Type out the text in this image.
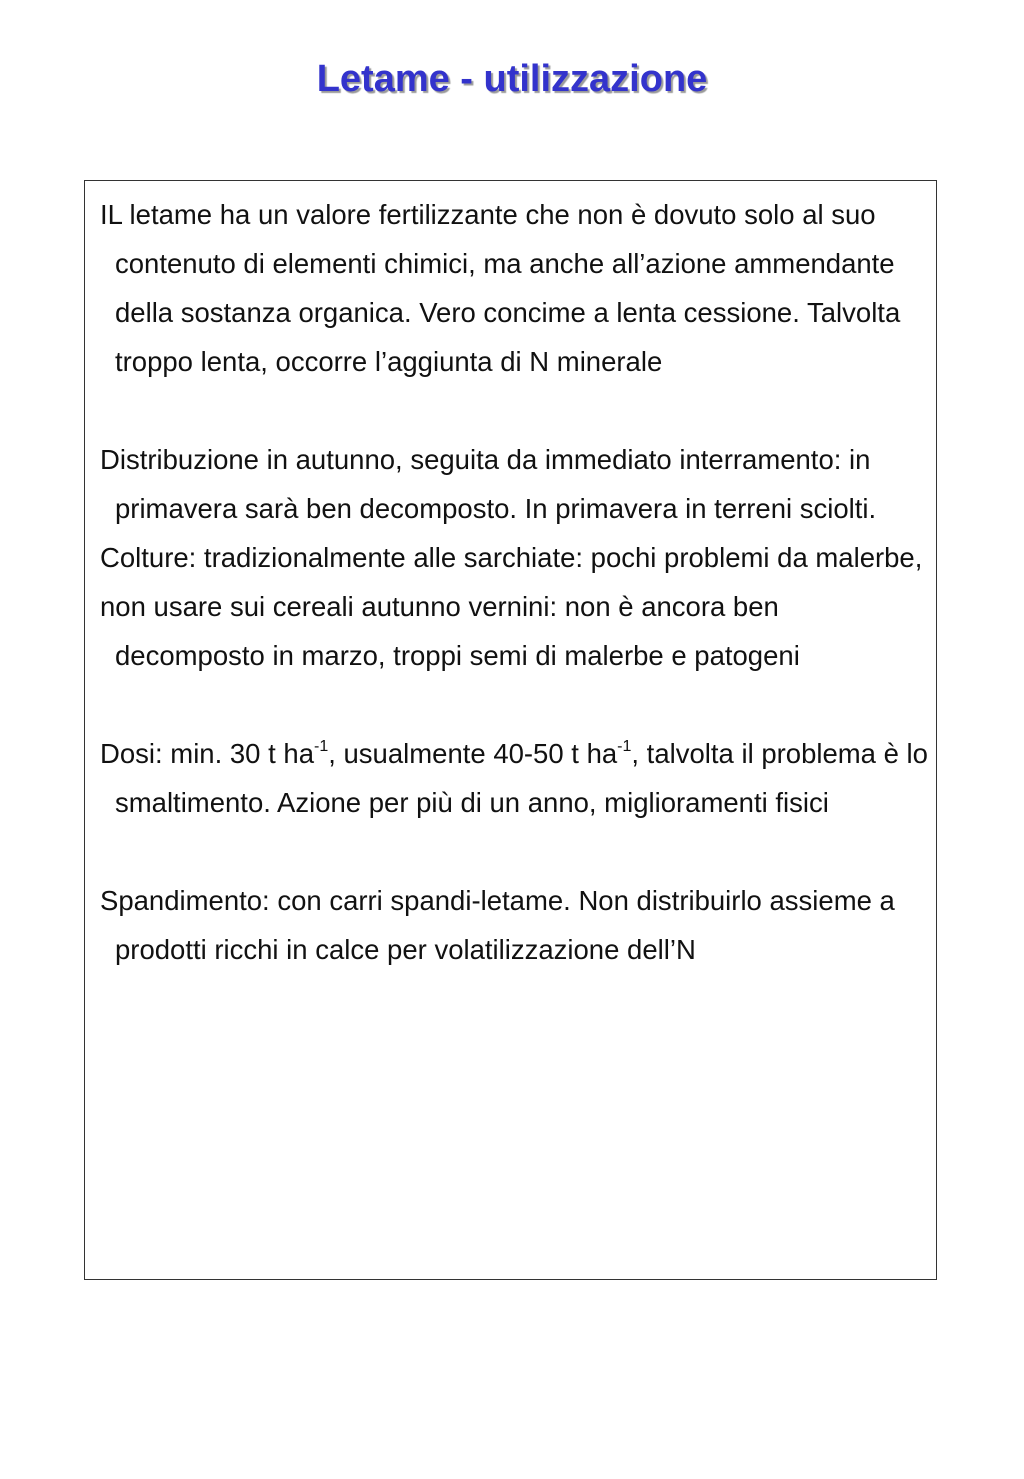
Letame - utilizzazione

IL letame ha un valore fertilizzante che non è dovuto solo al suo contenuto di elementi chimici, ma anche all’azione ammendante della sostanza organica. Vero concime a lenta cessione. Talvolta troppo lenta, occorre l’aggiunta di N minerale

Distribuzione in autunno, seguita da immediato interramento: in primavera sarà ben decomposto. In primavera in terreni sciolti.

Colture: tradizionalmente alle sarchiate: pochi problemi da malerbe,

non usare sui cereali autunno vernini: non è ancora ben decomposto in marzo, troppi semi di malerbe e patogeni

Dosi: min. 30 t $ha^{-1}$, usualmente 40-50 t $ha^{-1}$, talvolta il problema è lo smaltimento. Azione per più di un anno, miglioramenti fisici

Spandimento: con carri spandi-letame. Non distribuirlo assieme a prodotti ricchi in calce per volatilizzazione dell’N
